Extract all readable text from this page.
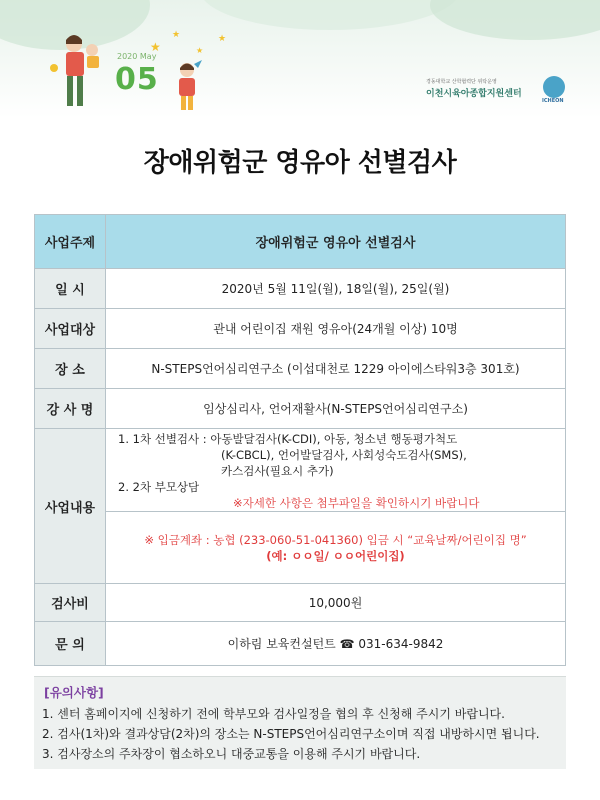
★
★
★
★
2020 May
05	경동대학교 산학협력단 위탁운영
이천시육아종합지원센터
ICHEON
장애위험군 영유아 선별검사
사업주제	장애위험군 영유아 선별검사
일 시	2020년 5월 11일(월), 18일(월), 25일(월)
사업대상	관내 어린이집 재원 영유아(24개월 이상) 10명
장 소	N-STEPS언어심리연구소 (이섭대천로 1229 아이에스타워3층 301호)
강 사 명	임상심리사, 언어재활사(N-STEPS언어심리연구소)
사업내용	1. 1차 선별검사 : 아동발달검사(K-CDI), 아동, 청소년 행동평가척도
(K-CBCL), 언어발달검사, 사회성숙도검사(SMS),
카스검사(필요시 추가)
2. 2차 부모상담
※자세한 사항은 첨부파일을 확인하시기 바랍니다

	※ 입금계좌 : 농협 (233-060-51-041360) 입금 시 “교육날짜/어린이집 명”
(예: ㅇㅇ일/ ㅇㅇ어린이집)

검사비	10,000원
문 의	이하림 보육컨설턴트 ☎ 031-634-9842
[유의사항]
1. 센터 홈페이지에 신청하기 전에 학부모와 검사일정을 협의 후 신청해 주시기 바랍니다.
2. 검사(1차)와 결과상담(2차)의 장소는 N-STEPS언어심리연구소이며 직접 내방하시면 됩니다.
3. 검사장소의 주차장이 협소하오니 대중교통을 이용해 주시기 바랍니다.
